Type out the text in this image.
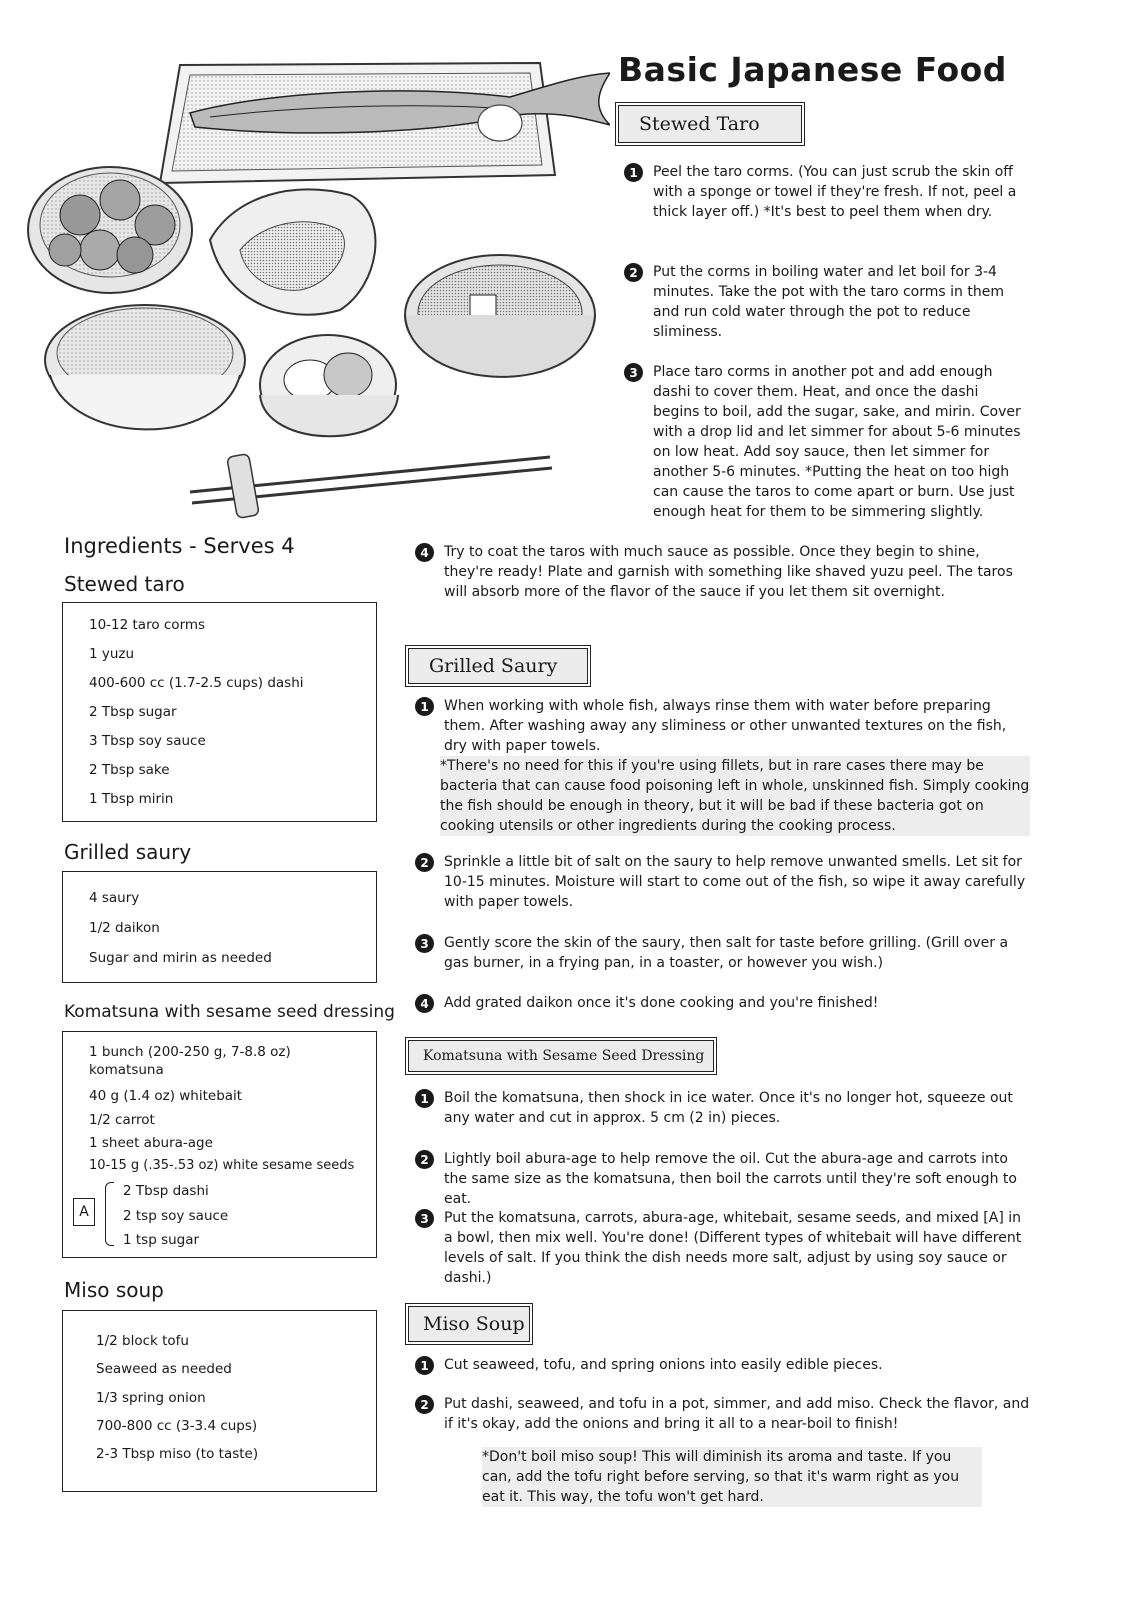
Basic Japanese Food
Stewed Taro
1	Peel the taro corms. (You can just scrub the skin off with a sponge or towel if they're fresh. If not, peel a thick layer off.) *It's best to peel them when dry.
2	Put the corms in boiling water and let boil for 3-4 minutes. Take the pot with the taro corms in them and run cold water through the pot to reduce sliminess.
3	Place taro corms in another pot and add enough dashi to cover them. Heat, and once the dashi begins to boil, add the sugar, sake, and mirin. Cover with a drop lid and let simmer for about 5-6 minutes on low heat. Add soy sauce, then let simmer for another 5-6 minutes. *Putting the heat on too high can cause the taros to come apart or burn. Use just enough heat for them to be simmering slightly.
4	Try to coat the taros with much sauce as possible. Once they begin to shine, they're ready! Plate and garnish with something like shaved yuzu peel. The taros will absorb more of the flavor of the sauce if you let them sit overnight.
Grilled Saury
1	When working with whole fish, always rinse them with water before preparing them. After washing away any sliminess or other unwanted textures on the fish, dry with paper towels.
*There's no need for this if you're using fillets, but in rare cases there may be bacteria that can cause food poisoning left in whole, unskinned fish. Simply cooking the fish should be enough in theory, but it will be bad if these bacteria got on cooking utensils or other ingredients during the cooking process.
2	Sprinkle a little bit of salt on the saury to help remove unwanted smells. Let sit for 10-15 minutes. Moisture will start to come out of the fish, so wipe it away carefully with paper towels.
3	Gently score the skin of the saury, then salt for taste before grilling. (Grill over a gas burner, in a frying pan, in a toaster, or however you wish.)
4	Add grated daikon once it's done cooking and you're finished!
Komatsuna with Sesame Seed Dressing
1	Boil the komatsuna, then shock in ice water. Once it's no longer hot, squeeze out any water and cut in approx. 5 cm (2 in) pieces.
2	Lightly boil abura-age to help remove the oil. Cut the abura-age and carrots into the same size as the komatsuna, then boil the carrots until they're soft enough to eat.
3	Put the komatsuna, carrots, abura-age, whitebait, sesame seeds, and mixed [A] in a bowl, then mix well. You're done! (Different types of whitebait will have different levels of salt. If you think the dish needs more salt, adjust by using soy sauce or dashi.)
Miso Soup
1	Cut seaweed, tofu, and spring onions into easily edible pieces.
2	Put dashi, seaweed, and tofu in a pot, simmer, and add miso. Check the flavor, and if it's okay, add the onions and bring it all to a near-boil to finish!
*Don't boil miso soup! This will diminish its aroma and taste. If you can, add the tofu right before serving, so that it's warm right as you eat it. This way, the tofu won't get hard.
Ingredients - Serves 4
Stewed taro
10-12 taro corms
1 yuzu
400-600 cc (1.7-2.5 cups) dashi
2 Tbsp sugar
3 Tbsp soy sauce
2 Tbsp sake
1 Tbsp mirin
Grilled saury
4 saury
1/2 daikon
Sugar and mirin as needed
Komatsuna with sesame seed dressing
1 bunch (200-250 g, 7-8.8 oz)
komatsuna
40 g (1.4 oz) whitebait
1/2 carrot
1 sheet abura-age
10-15 g (.35-.53 oz) white sesame seeds
A
2 Tbsp dashi
2 tsp soy sauce
1 tsp sugar
Miso soup
1/2 block tofu
Seaweed as needed
1/3 spring onion
700-800 cc (3-3.4 cups)
2-3 Tbsp miso (to taste)
